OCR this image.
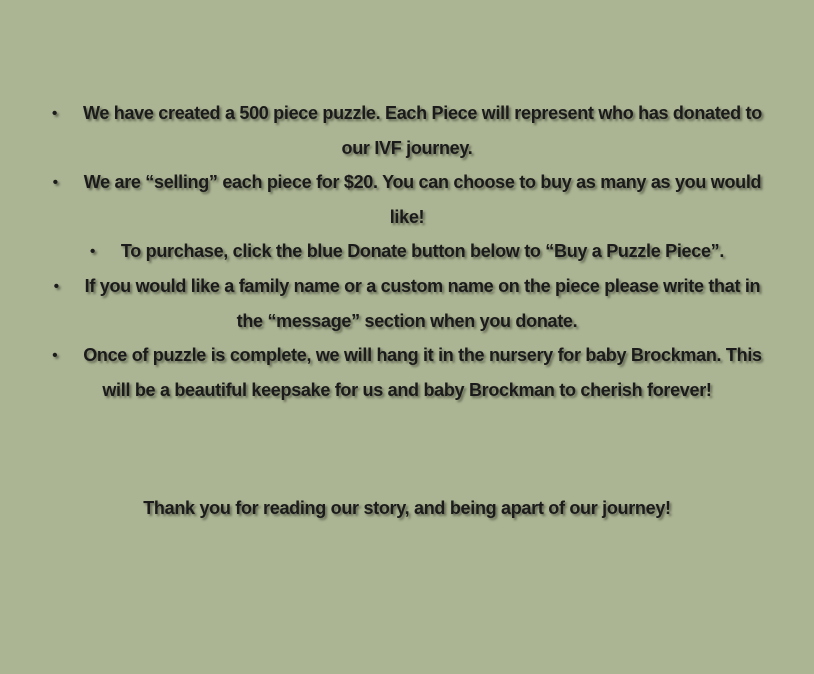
• We have created a 500 piece puzzle. Each Piece will represent who has donated to our IVF journey.
• We are “selling” each piece for $20. You can choose to buy as many as you would like!
• To purchase, click the blue Donate button below to “Buy a Puzzle Piece”.
• If you would like a family name or a custom name on the piece please write that in the “message” section when you donate.
• Once of puzzle is complete, we will hang it in the nursery for baby Brockman. This will be a beautiful keepsake for us and baby Brockman to cherish forever!

Thank you for reading our story, and being apart of our journey!
